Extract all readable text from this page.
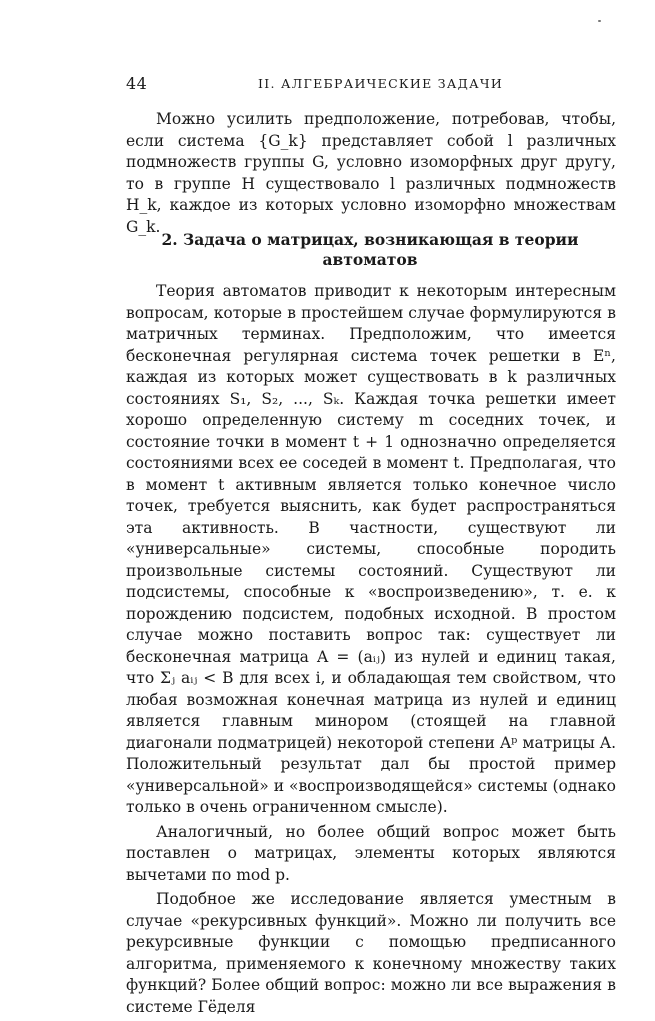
44	II. АЛГЕБРАИЧЕСКИЕ ЗАДАЧИ

Можно усилить предположение, потребовав, чтобы, если система {G_k} представляет собой l различных подмножеств группы G, условно изоморфных друг другу, то в группе H существовало l различных подмножеств H_k, каждое из которых условно изоморфно множествам G_k.

2. Задача о матрицах, возникающая в теории автоматов

Теория автоматов приводит к некоторым интересным вопросам, которые в простейшем случае формулируются в матричных терминах. Предположим, что имеется бесконечная регулярная система точек решетки в Eⁿ, каждая из которых может существовать в k различных состояниях S₁, S₂, ..., Sₖ. Каждая точка решетки имеет хорошо определенную систему m соседних точек, и состояние точки в момент t + 1 однозначно определяется состояниями всех ее соседей в момент t. Предполагая, что в момент t активным является только конечное число точек, требуется выяснить, как будет распространяться эта активность. В частности, существуют ли «универсальные» системы, способные породить произвольные системы состояний. Существуют ли подсистемы, способные к «воспроизведению», т. е. к порождению подсистем, подобных исходной. В простом случае можно поставить вопрос так: существует ли бесконечная матрица A = (aᵢⱼ) из нулей и единиц такая, что Σⱼ aᵢⱼ < B для всех i, и обладающая тем свойством, что любая возможная конечная матрица из нулей и единиц является главным минором (стоящей на главной диагонали подматрицей) некоторой степени Aᵖ матрицы A. Положительный результат дал бы простой пример «универсальной» и «воспроизводящейся» системы (однако только в очень ограниченном смысле).

Аналогичный, но более общий вопрос может быть поставлен о матрицах, элементы которых являются вычетами по mod p.

Подобное же исследование является уместным в случае «рекурсивных функций». Можно ли получить все рекурсивные функции с помощью предписанного алгоритма, применяемого к конечному множеству таких функций? Более общий вопрос: можно ли все выражения в системе Гёделя
